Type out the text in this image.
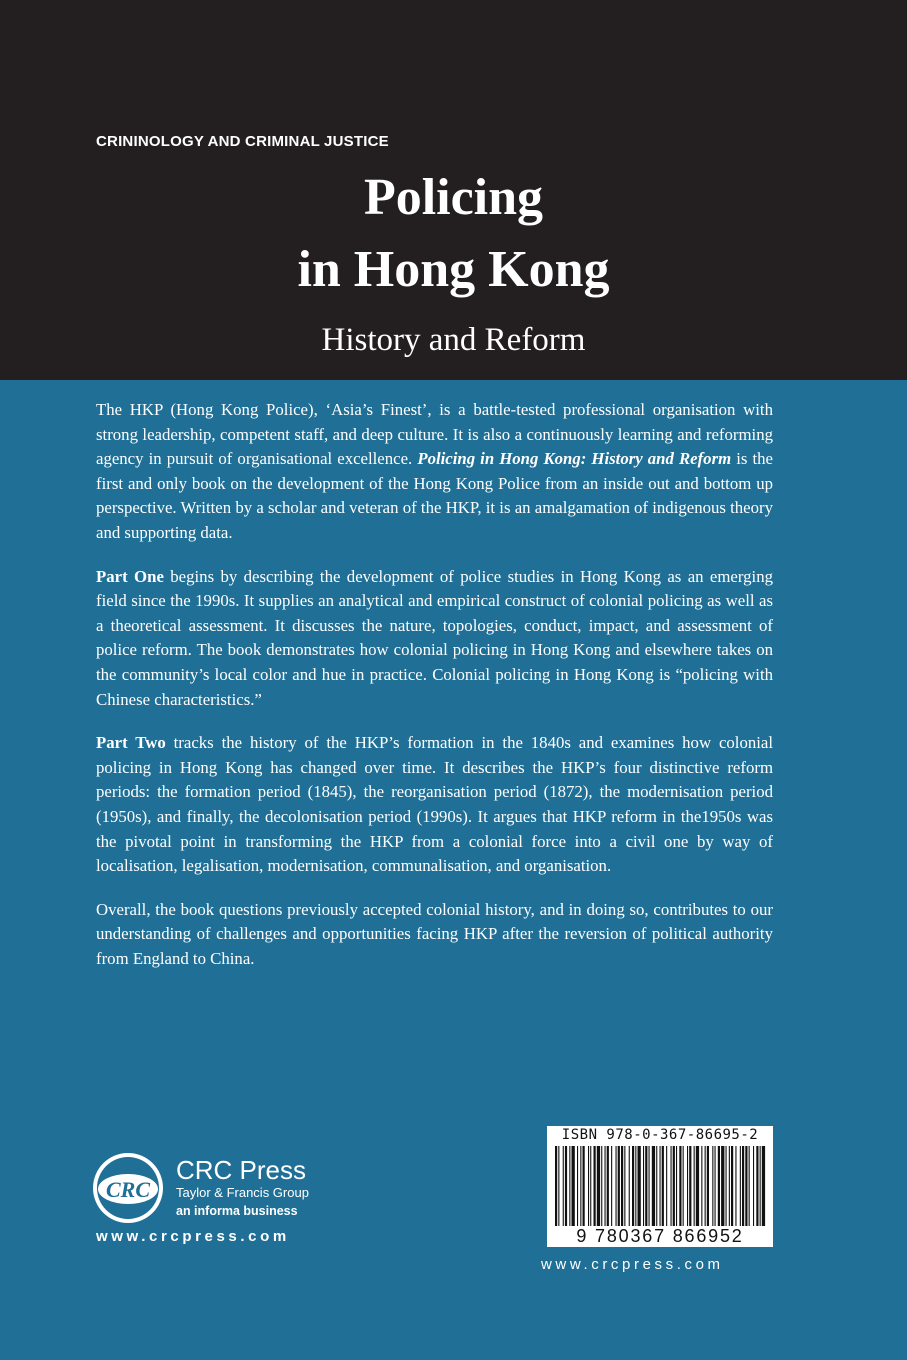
CRININOLOGY AND CRIMINAL JUSTICE
Policing
in Hong Kong
History and Reform

The HKP (Hong Kong Police), ‘Asia’s Finest’, is a battle-tested professional organisation with strong leadership, competent staff, and deep culture. It is also a continuously learning and reforming agency in pursuit of organisational excellence. Policing in Hong Kong: History and Reform is the first and only book on the development of the Hong Kong Police from an inside out and bottom up perspective. Written by a scholar and veteran of the HKP, it is an amalgamation of indigenous theory and supporting data.

Part One begins by describing the development of police studies in Hong Kong as an emerging field since the 1990s. It supplies an analytical and empirical construct of colonial policing as well as a theoretical assessment. It discusses the nature, topologies, conduct, impact, and assessment of police reform. The book demonstrates how colonial policing in Hong Kong and elsewhere takes on the community’s local color and hue in practice. Colonial policing in Hong Kong is “policing with Chinese characteristics.”

Part Two tracks the history of the HKP’s formation in the 1840s and examines how colonial policing in Hong Kong has changed over time. It describes the HKP’s four distinctive reform periods: the formation period (1845), the reorganisation period (1872), the modernisation period (1950s), and finally, the decolonisation period (1990s). It argues that HKP reform in the1950s was the pivotal point in transforming the HKP from a colonial force into a civil one by way of localisation, legalisation, modernisation, communalisation, and organisation.

Overall, the book questions previously accepted colonial history, and in doing so, contributes to our understanding of challenges and opportunities facing HKP after the reversion of political authority from England to China.

CRC
CRC Press
Taylor & Francis Group
an informa business
www.crcpress.com
ISBN 978-0-367-86695-2
9 780367 866952
www.crcpress.com
